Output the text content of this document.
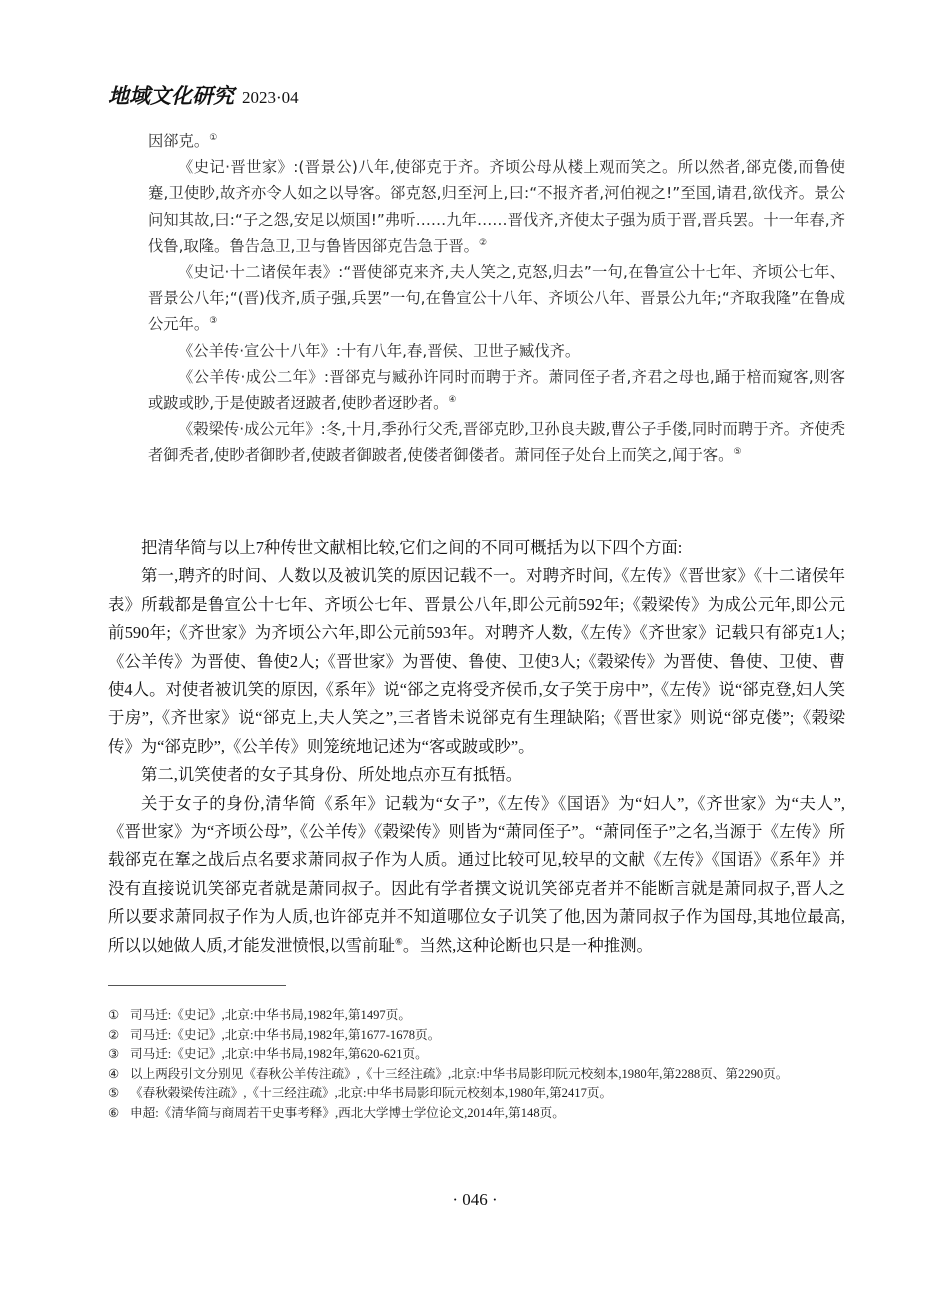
地域文化研究 2023·04

因郤克。①

《史记·晋世家》:(晋景公)八年,使郤克于齐。齐顷公母从楼上观而笑之。所以然者,郤克偻,而鲁使蹇,卫使眇,故齐亦令人如之以导客。郤克怒,归至河上,曰:“不报齐者,河伯视之!”至国,请君,欲伐齐。景公问知其故,曰:“子之怨,安足以烦国!”弗听……九年……晋伐齐,齐使太子强为质于晋,晋兵罢。十一年春,齐伐鲁,取隆。鲁告急卫,卫与鲁皆因郤克告急于晋。②

《史记·十二诸侯年表》:“晋使郤克来齐,夫人笑之,克怒,归去”一句,在鲁宣公十七年、齐顷公七年、晋景公八年;“(晋)伐齐,质子强,兵罢”一句,在鲁宣公十八年、齐顷公八年、晋景公九年;“齐取我隆”在鲁成公元年。③

《公羊传·宣公十八年》:十有八年,春,晋侯、卫世子臧伐齐。

《公羊传·成公二年》:晋郤克与臧孙许同时而聘于齐。萧同侄子者,齐君之母也,踊于棓而窥客,则客或跛或眇,于是使跛者迓跛者,使眇者迓眇者。④

《榖梁传·成公元年》:冬,十月,季孙行父秃,晋郤克眇,卫孙良夫跛,曹公子手偻,同时而聘于齐。齐使秃者御秃者,使眇者御眇者,使跛者御跛者,使偻者御偻者。萧同侄子处台上而笑之,闻于客。⑤

把清华简与以上7种传世文献相比较,它们之间的不同可概括为以下四个方面:

第一,聘齐的时间、人数以及被讥笑的原因记载不一。对聘齐时间,《左传》《晋世家》《十二诸侯年表》所载都是鲁宣公十七年、齐顷公七年、晋景公八年,即公元前592年;《榖梁传》为成公元年,即公元前590年;《齐世家》为齐顷公六年,即公元前593年。对聘齐人数,《左传》《齐世家》记载只有郤克1人;《公羊传》为晋使、鲁使2人;《晋世家》为晋使、鲁使、卫使3人;《榖梁传》为晋使、鲁使、卫使、曹使4人。对使者被讥笑的原因,《系年》说“郤之克将受齐侯币,女子笑于房中”,《左传》说“郤克登,妇人笑于房”,《齐世家》说“郤克上,夫人笑之”,三者皆未说郤克有生理缺陷;《晋世家》则说“郤克偻”;《榖梁传》为“郤克眇”,《公羊传》则笼统地记述为“客或跛或眇”。

第二,讥笑使者的女子其身份、所处地点亦互有抵牾。

关于女子的身份,清华简《系年》记载为“女子”,《左传》《国语》为“妇人”,《齐世家》为“夫人”,《晋世家》为“齐顷公母”,《公羊传》《榖梁传》则皆为“萧同侄子”。“萧同侄子”之名,当源于《左传》所载郤克在鞌之战后点名要求萧同叔子作为人质。通过比较可见,较早的文献《左传》《国语》《系年》并没有直接说讥笑郤克者就是萧同叔子。因此有学者撰文说讥笑郤克者并不能断言就是萧同叔子,晋人之所以要求萧同叔子作为人质,也许郤克并不知道哪位女子讥笑了他,因为萧同叔子作为国母,其地位最高,所以以她做人质,才能发泄愤恨,以雪前耻⑥。当然,这种论断也只是一种推测。

① 司马迁:《史记》,北京:中华书局,1982年,第1497页。
② 司马迁:《史记》,北京:中华书局,1982年,第1677-1678页。
③ 司马迁:《史记》,北京:中华书局,1982年,第620-621页。
④ 以上两段引文分别见《春秋公羊传注疏》,《十三经注疏》,北京:中华书局影印阮元校刻本,1980年,第2288页、第2290页。
⑤ 《春秋榖梁传注疏》,《十三经注疏》,北京:中华书局影印阮元校刻本,1980年,第2417页。
⑥ 申超:《清华简与商周若干史事考释》,西北大学博士学位论文,2014年,第148页。
· 046 ·
